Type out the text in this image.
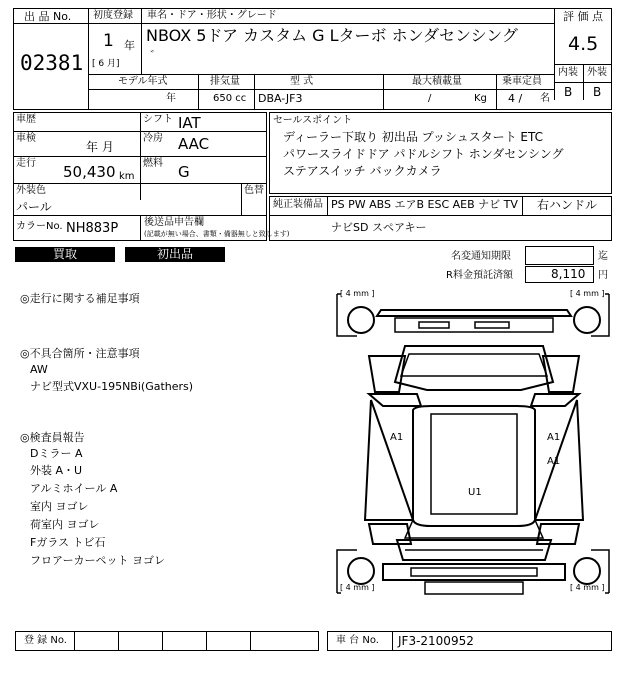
出 品 No.
02381
初度登録
1 年
[ 6 月]
車名・ドア・形状・グレード
NBOX 5ドア カスタム G Lターボ ホンダセンシング
゛
評 価 点
4.5
内装 外装
B B
モデル年式
年
排気量
650 cc
型 式
DBA-JF3
最大積載量
/	Kg
乗車定員
4 / 名
車歴
車検
年 月
走行 50,430 km
シフト IAT
冷房 AAC
燃料 G
外装色
パール
色替
カラーNo. NH883P	後送品申告欄
(記載が無い場合、書類・備器無しと致します)
セールスポイント
ディーラー下取り 初出品 プッシュスタート ETC
パワースライドドア パドルシフト ホンダセンシング
ステアスイッチ バックカメラ
純正装備品 PS PW ABS エアB ESC AEB ナビ TV 右ハンドル
ナビSD スペアキー
買取	初出品	名変通知期限	迄
R料金預託済額	8,110 円
◎走行に関する補足事項
◎不具合箇所・注意事項
AW
ナビ型式VXU-195NBi(Gathers)
◎検査員報告
Dミラー A
外装 A・U
アルミホイール A
室内 ヨゴレ
荷室内 ヨゴレ
Fガラス トビ石
フロアーカーペット ヨゴレ
[ 4 mm ]	[ 4 mm ]
[ 4 mm ]	[ 4 mm ]
A1	A1
A1
U1
登 録 No.	車 台 No. JF3-2100952
